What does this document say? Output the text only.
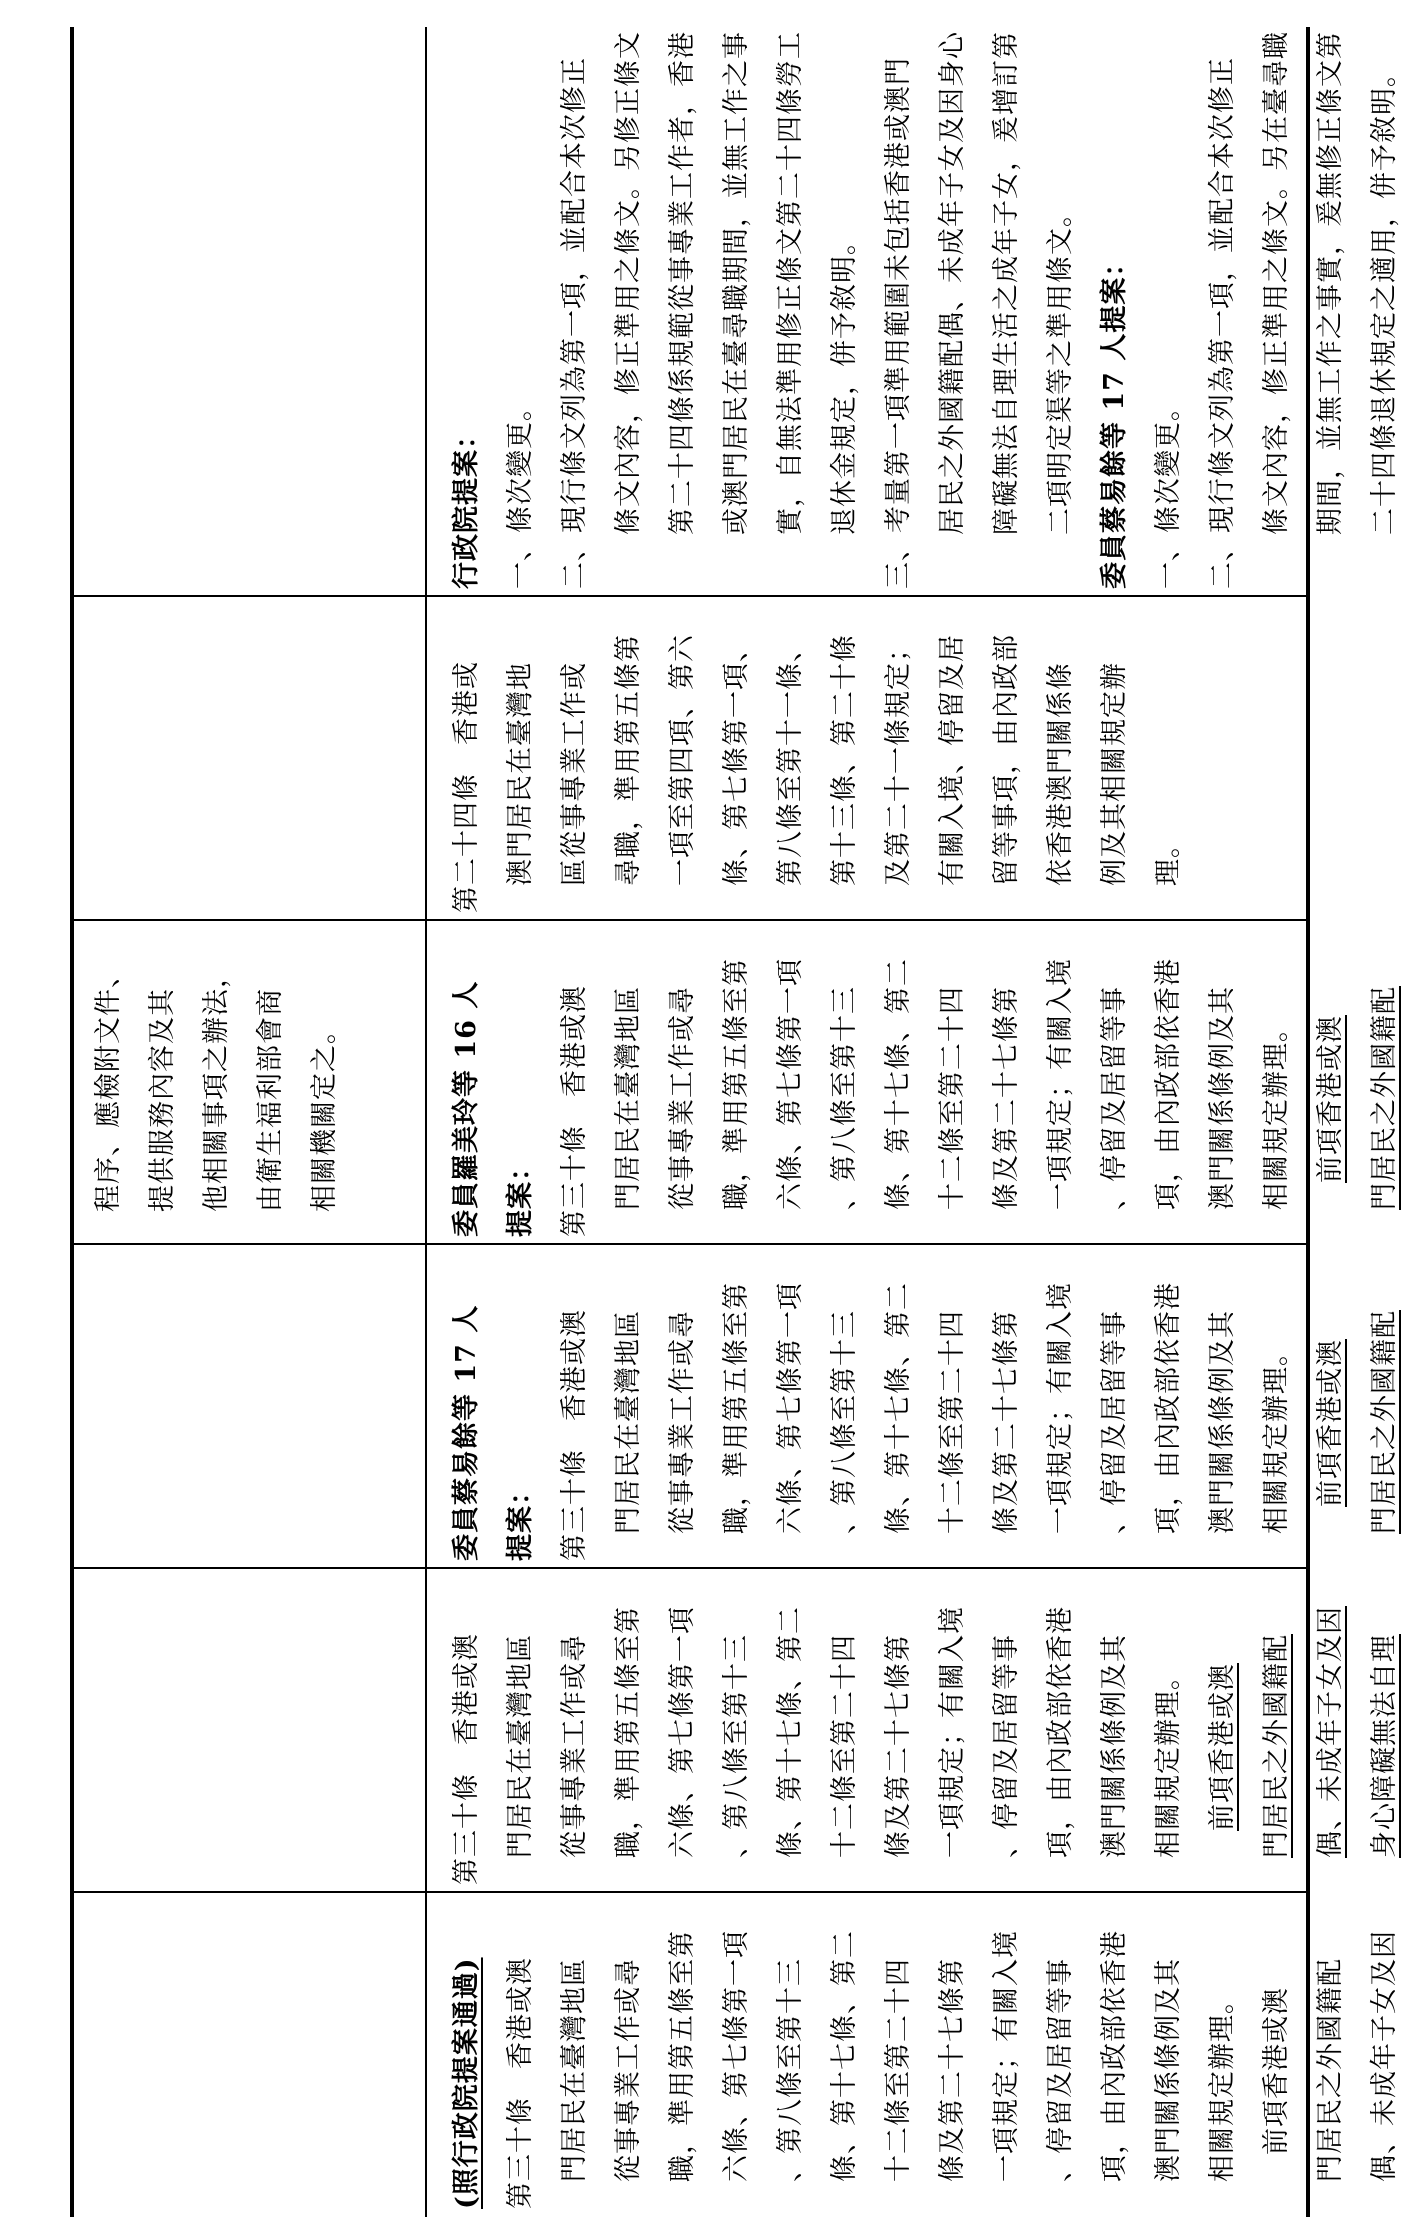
程序、應檢附文件、 提供服務內容及其 他相關事項之辦法， 由衛生福利部會商 相關機關定之。
(照行政院提案通過) 第三十條　香港或澳 門居民在臺灣地區 從事專業工作或尋 職，準用第五條至第 六條、第七條第一項 、第八條至第十三 條、第十七條、第二 十二條至第二十四 條及第二十七條第 一項規定；有關入境 、停留及居留等事 項，由內政部依香港 澳門關係條例及其 相關規定辦理。 前項香港或澳 門居民之外國籍配 偶、未成年子女及因
第三十條　香港或澳 門居民在臺灣地區 從事專業工作或尋 職，準用第五條至第 六條、第七條第一項 、第八條至第十三 條、第十七條、第二 十二條至第二十四 條及第二十七條第 一項規定；有關入境 、停留及居留等事 項，由內政部依香港 澳門關係條例及其 相關規定辦理。 前項香港或澳 門居民之外國籍配 偶、未成年子女及因 身心障礙無法自理
委員蔡易餘等 17 人 提案： 第三十條　香港或澳 門居民在臺灣地區 從事專業工作或尋 職，準用第五條至第 六條、第七條第一項 、第八條至第十三 條、第十七條、第二 十二條至第二十四 條及第二十七條第 一項規定；有關入境 、停留及居留等事 項，由內政部依香港 澳門關係條例及其 相關規定辦理。 前項香港或澳 門居民之外國籍配
委員羅美玲等 16 人 提案： 第三十條　香港或澳 門居民在臺灣地區 從事專業工作或尋 職，準用第五條至第 六條、第七條第一項 、第八條至第十三 條、第十七條、第二 十二條至第二十四 條及第二十七條第 一項規定；有關入境 、停留及居留等事 項，由內政部依香港 澳門關係條例及其 相關規定辦理。 前項香港或澳 門居民之外國籍配
第二十四條　香港或 澳門居民在臺灣地 區從事專業工作或 尋職，準用第五條第 一項至第四項、第六 條、第七條第一項、 第八條至第十一條、 第十三條、第二十條 及第二十一條規定； 有關入境、停留及居 留等事項，由內政部 依香港澳門關係條 例及其相關規定辦 理。
行政院提案： 一、條次變更。 二、現行條文列為第一項，並配合本次修正 條文內容，修正準用之條文。另修正條文 第二十四條係規範從事專業工作者，香港 或澳門居民在臺尋職期間，並無工作之事 實，自無法準用修正條文第二十四條勞工 退休金規定，併予敘明。 三、考量第一項準用範圍未包括香港或澳門 居民之外國籍配偶、未成年子女及因身心 障礙無法自理生活之成年子女，爰增訂第 二項明定渠等之準用條文。 委員蔡易餘等 17 人提案： 一、條次變更。 二、現行條文列為第一項，並配合本次修正 條文內容，修正準用之條文。另在臺尋職 期間，並無工作之事實，爰無修正條文第 二十四條退休規定之適用，併予敘明。
